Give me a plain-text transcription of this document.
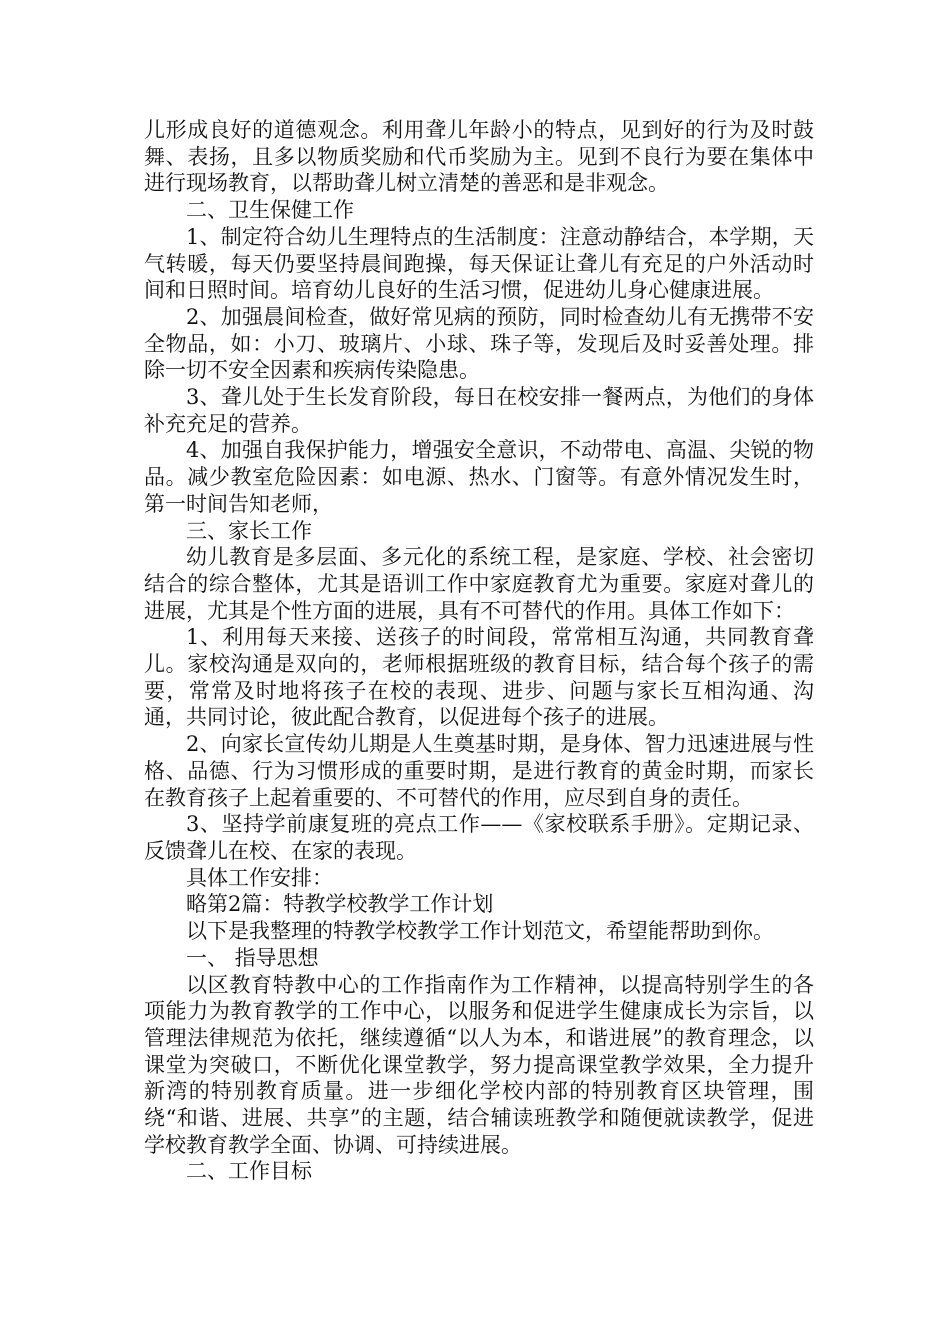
儿形成良好的道德观念。利用聋儿年龄小的特点，见到好的行为及时鼓舞、表扬，且多以物质奖励和代币奖励为主。见到不良行为要在集体中进行现场教育，以帮助聋儿树立清楚的善恶和是非观念。

二、卫生保健工作

1、制定符合幼儿生理特点的生活制度：注意动静结合，本学期，天气转暖，每天仍要坚持晨间跑操，每天保证让聋儿有充足的户外活动时间和日照时间。培育幼儿良好的生活习惯，促进幼儿身心健康进展。

2、加强晨间检查，做好常见病的预防，同时检查幼儿有无携带不安全物品，如：小刀、玻璃片、小球、珠子等，发现后及时妥善处理。排除一切不安全因素和疾病传染隐患。

3、聋儿处于生长发育阶段，每日在校安排一餐两点，为他们的身体补充充足的营养。

4、加强自我保护能力，增强安全意识，不动带电、高温、尖锐的物品。减少教室危险因素：如电源、热水、门窗等。有意外情况发生时，第一时间告知老师，

三、家长工作

幼儿教育是多层面、多元化的系统工程，是家庭、学校、社会密切结合的综合整体，尤其是语训工作中家庭教育尤为重要。家庭对聋儿的进展，尤其是个性方面的进展，具有不可替代的作用。具体工作如下：

1、利用每天来接、送孩子的时间段，常常相互沟通，共同教育聋儿。家校沟通是双向的，老师根据班级的教育目标，结合每个孩子的需要，常常及时地将孩子在校的表现、进步、问题与家长互相沟通、沟通，共同讨论，彼此配合教育，以促进每个孩子的进展。

2、向家长宣传幼儿期是人生奠基时期，是身体、智力迅速进展与性格、品德、行为习惯形成的重要时期，是进行教育的黄金时期，而家长在教育孩子上起着重要的、不可替代的作用，应尽到自身的责任。

3、坚持学前康复班的亮点工作——《家校联系手册》。定期记录、反馈聋儿在校、在家的表现。

具体工作安排：

略第2篇：特教学校教学工作计划

以下是我整理的特教学校教学工作计划范文，希望能帮助到你。

一、 指导思想

以区教育特教中心的工作指南作为工作精神，以提高特别学生的各项能力为教育教学的工作中心，以服务和促进学生健康成长为宗旨，以管理法律规范为依托，继续遵循“以人为本，和谐进展”的教育理念，以课堂为突破口，不断优化课堂教学，努力提高课堂教学效果，全力提升新湾的特别教育质量。进一步细化学校内部的特别教育区块管理，围绕“和谐、进展、共享”的主题，结合辅读班教学和随便就读教学，促进学校教育教学全面、协调、可持续进展。

二、工作目标
